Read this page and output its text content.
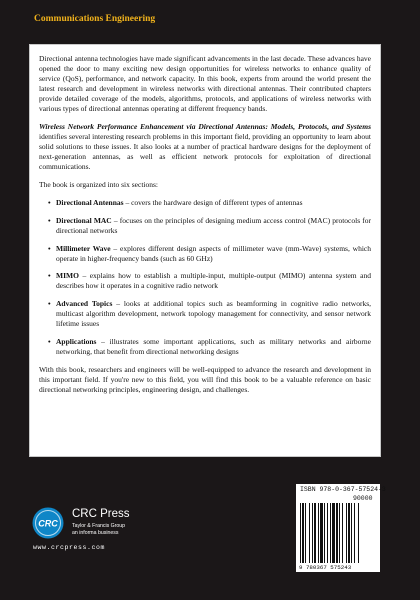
Communications Engineering

Directional antenna technologies have made significant advancements in the last decade. These advances have opened the door to many exciting new design opportunities for wireless networks to enhance quality of service (QoS), performance, and network capacity. In this book, experts from around the world present the latest research and development in wireless networks with directional antennas. Their contributed chapters provide detailed coverage of the models, algorithms, protocols, and applications of wireless networks with various types of directional antennas operating at different frequency bands.

Wireless Network Performance Enhancement via Directional Antennas: Models, Protocols, and Systems identifies several interesting research problems in this important field, providing an opportunity to learn about solid solutions to these issues. It also looks at a number of practical hardware designs for the deployment of next-generation antennas, as well as efficient network protocols for exploitation of directional communications.

The book is organized into six sections:

• Directional Antennas – covers the hardware design of different types of antennas
• Directional MAC – focuses on the principles of designing medium access control (MAC) protocols for directional networks
• Millimeter Wave – explores different design aspects of millimeter wave (mm-Wave) systems, which operate in higher-frequency bands (such as 60 GHz)
• MIMO – explains how to establish a multiple-input, multiple-output (MIMO) antenna system and describes how it operates in a cognitive radio network
• Advanced Topics – looks at additional topics such as beamforming in cognitive radio networks, multicast algorithm development, network topology management for connectivity, and sensor network lifetime issues
• Applications – illustrates some important applications, such as military networks and airborne networking, that benefit from directional networking designs

With this book, researchers and engineers will be well-equipped to advance the research and development in this important field. If you're new to this field, you will find this book to be a valuable reference on basic directional networking principles, engineering design, and challenges.

CRC
CRC Press
Taylor & Francis Group
an informa business
www.crcpress.com
ISBN 978-0-367-57524-3
90000
9 780367 575243
